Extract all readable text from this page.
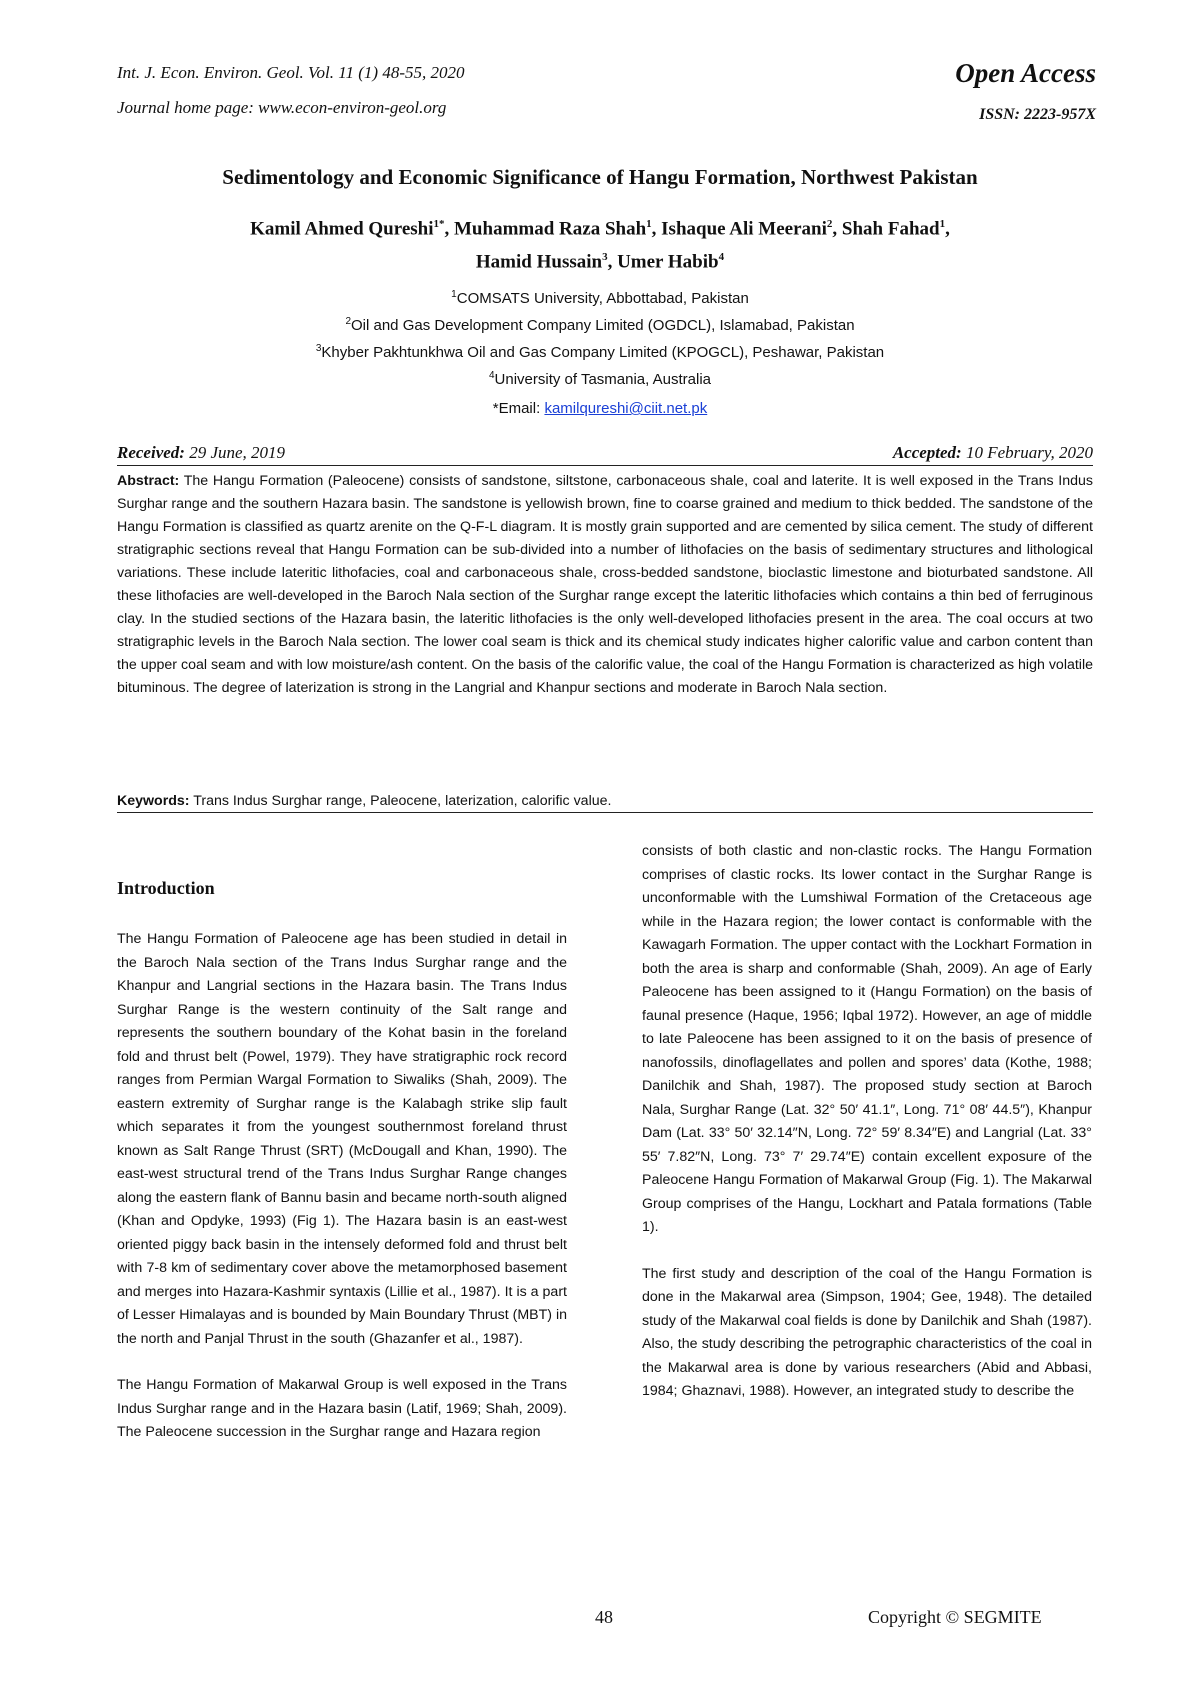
Int. J. Econ. Environ. Geol. Vol. 11 (1) 48-55, 2020
Journal home page: www.econ-environ-geol.org
Open Access
ISSN: 2223-957X
Sedimentology and Economic Significance of Hangu Formation, Northwest Pakistan
Kamil Ahmed Qureshi$^{1*}$, Muhammad Raza Shah$^1$, Ishaque Ali Meerani$^2$, Shah Fahad$^1$,
Hamid Hussain$^3$, Umer Habib$^4$
$^1$COMSATS University, Abbottabad, Pakistan
$^2$Oil and Gas Development Company Limited (OGDCL), Islamabad, Pakistan
$^3$Khyber Pakhtunkhwa Oil and Gas Company Limited (KPOGCL), Peshawar, Pakistan
$^4$University of Tasmania, Australia
*Email: kamilqureshi@ciit.net.pk
Received: 29 June, 2019	Accepted: 10 February, 2020
Abstract: The Hangu Formation (Paleocene) consists of sandstone, siltstone, carbonaceous shale, coal and laterite. It is well exposed in the Trans Indus Surghar range and the southern Hazara basin. The sandstone is yellowish brown, fine to coarse grained and medium to thick bedded. The sandstone of the Hangu Formation is classified as quartz arenite on the Q-F-L diagram. It is mostly grain supported and are cemented by silica cement. The study of different stratigraphic sections reveal that Hangu Formation can be sub-divided into a number of lithofacies on the basis of sedimentary structures and lithological variations. These include lateritic lithofacies, coal and carbonaceous shale, cross-bedded sandstone, bioclastic limestone and bioturbated sandstone. All these lithofacies are well-developed in the Baroch Nala section of the Surghar range except the lateritic lithofacies which contains a thin bed of ferruginous clay. In the studied sections of the Hazara basin, the lateritic lithofacies is the only well-developed lithofacies present in the area. The coal occurs at two stratigraphic levels in the Baroch Nala section. The lower coal seam is thick and its chemical study indicates higher calorific value and carbon content than the upper coal seam and with low moisture/ash content. On the basis of the calorific value, the coal of the Hangu Formation is characterized as high volatile bituminous. The degree of laterization is strong in the Langrial and Khanpur sections and moderate in Baroch Nala section.
Keywords: Trans Indus Surghar range, Paleocene, laterization, calorific value.
Introduction

The Hangu Formation of Paleocene age has been studied in detail in the Baroch Nala section of the Trans Indus Surghar range and the Khanpur and Langrial sections in the Hazara basin. The Trans Indus Surghar Range is the western continuity of the Salt range and represents the southern boundary of the Kohat basin in the foreland fold and thrust belt (Powel, 1979). They have stratigraphic rock record ranges from Permian Wargal Formation to Siwaliks (Shah, 2009). The eastern extremity of Surghar range is the Kalabagh strike slip fault which separates it from the youngest southernmost foreland thrust known as Salt Range Thrust (SRT) (McDougall and Khan, 1990). The east-west structural trend of the Trans Indus Surghar Range changes along the eastern flank of Bannu basin and became north-south aligned (Khan and Opdyke, 1993) (Fig 1). The Hazara basin is an east-west oriented piggy back basin in the intensely deformed fold and thrust belt with 7-8 km of sedimentary cover above the metamorphosed basement and merges into Hazara-Kashmir syntaxis (Lillie et al., 1987). It is a part of Lesser Himalayas and is bounded by Main Boundary Thrust (MBT) in the north and Panjal Thrust in the south (Ghazanfer et al., 1987).

The Hangu Formation of Makarwal Group is well exposed in the Trans Indus Surghar range and in the Hazara basin (Latif, 1969; Shah, 2009). The Paleocene succession in the Surghar range and Hazara region

consists of both clastic and non-clastic rocks. The Hangu Formation comprises of clastic rocks. Its lower contact in the Surghar Range is unconformable with the Lumshiwal Formation of the Cretaceous age while in the Hazara region; the lower contact is conformable with the Kawagarh Formation. The upper contact with the Lockhart Formation in both the area is sharp and conformable (Shah, 2009). An age of Early Paleocene has been assigned to it (Hangu Formation) on the basis of faunal presence (Haque, 1956; Iqbal 1972). However, an age of middle to late Paleocene has been assigned to it on the basis of presence of nanofossils, dinoflagellates and pollen and spores’ data (Kothe, 1988; Danilchik and Shah, 1987). The proposed study section at Baroch Nala, Surghar Range (Lat. 32° 50′ 41.1″, Long. 71° 08′ 44.5″), Khanpur Dam (Lat. 33° 50′ 32.14″N, Long. 72° 59′ 8.34″E) and Langrial (Lat. 33° 55′ 7.82″N, Long. 73° 7′ 29.74″E) contain excellent exposure of the Paleocene Hangu Formation of Makarwal Group (Fig. 1). The Makarwal Group comprises of the Hangu, Lockhart and Patala formations (Table 1).

The first study and description of the coal of the Hangu Formation is done in the Makarwal area (Simpson, 1904; Gee, 1948). The detailed study of the Makarwal coal fields is done by Danilchik and Shah (1987). Also, the study describing the petrographic characteristics of the coal in the Makarwal area is done by various researchers (Abid and Abbasi, 1984; Ghaznavi, 1988). However, an integrated study to describe the

48	Copyright © SEGMITE
